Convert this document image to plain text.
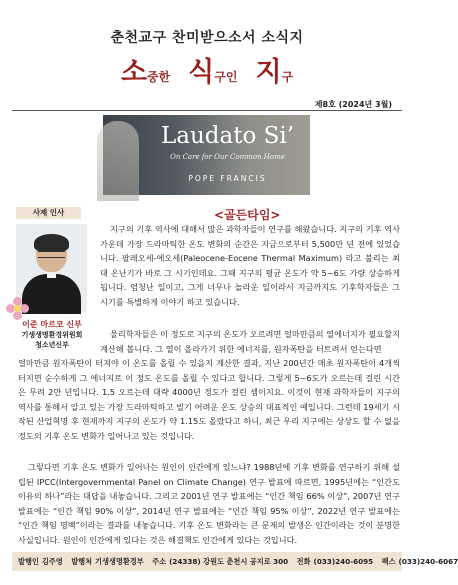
춘천교구 찬미받으소서 소식지
소중한 식구인 지구
제8호 (2024년 3월)
Laudato Si’
On Care for Our Common Home
POPE FRANCIS
사제 인사
이준 마르코 신부
기생생명환경위원회
청소년신부
<골든타임>
지구의 기후 역사에 대해서 많은 과학자들이 연구를 해왔습니다. 지구의 기후 역사 가운데 가장 드라마틱한 온도 변화의 순간은 지금으로부터 5,500만 년 전에 있었습니다. 팔레오세-에오세(Paleocene-Eocene Thermal Maximum) 라고 불리는 최대 온난기가 바로 그 시기인데요. 그때 지구의 평균 온도가 약 5~6도 가량 상승하게 됩니다. 엄청난 일이고, 그게 너무나 놀라운 일이라서 지금까지도 기후학자들은 그 시기를 특별하게 이야기 하고 있습니다.
물리학자들은 이 정도로 지구의 온도가 오르려면 얼마만큼의 열에너지가 필요할지 계산해 봅니다. 그 열이 올라가기 위한 에너지를, 원자폭탄을 터트려서 얻는다면
얼마만큼 원자폭탄이 터져야 이 온도를 올릴 수 있을지 계산한 결과, 지난 200년간 매초 원자폭탄이 4개씩 터지면 순수하게 그 에너지로 이 정도 온도를 올릴 수 있다고 합니다. 그렇게 5~6도가 오르는데 걸린 시간은 무려 2만 년입니다. 1.5 오르는데 대략 4000년 정도가 걸린 셈이지요. 이것이 현재 과학자들이 지구의 역사를 통해서 알고 있는 가장 드라마틱하고 빌기 어려운 온도 상승의 대표적인 예입니다. 그런데 19세기 시작된 산업혁명 후 현재까지 지구의 온도가 약 1.15도 올랐다고 하니, 최근 우리 지구에는 상상도 할 수 없을 정도의 기후 온도 변화가 일어나고 있는 것입니다.
그렇다면 기후 온도 변화가 일어나는 원인이 인간에게 있느냐? 1988년에 기후 변화를 연구하기 위해 설립된 IPCC(Intergovernmental Panel on Climate Change) 연구 발표에 따르면, 1995년에는 “인간도 이유의 하나”라는 대답을 내놓습니다. 그리고 2001년 연구 발표에는 “인간 책임 66% 이상”, 2007년 연구 발표에는 “인간 책임 90% 이상”, 2014년 연구 발표에는 “인간 책임 95% 이상”, 2022년 연구 발표에는 “인간 책임 명백”이라는 결과를 내놓습니다. 기후 온도 변화라는 큰 문제의 발생은 인간이라는 것이 분명한 사실입니다. 원인이 인간에게 있다는 것은 해결책도 인간에게 있다는 것입니다.
발행인 김주영 발행처 기생생명환경부 주소 (24338) 강원도 춘천시 공지로 300 전화 (033)240-6095 팩스 (033)240-6067
